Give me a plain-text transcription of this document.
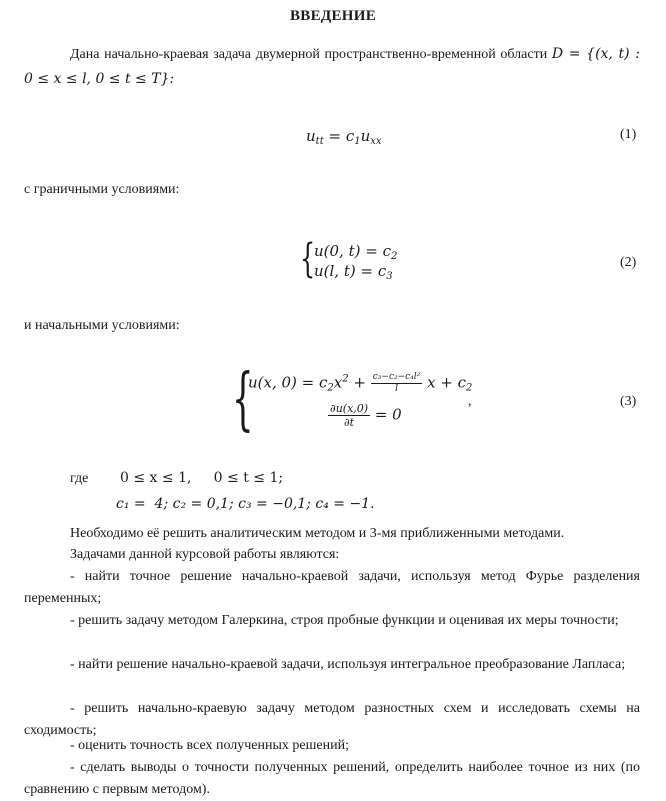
ВВЕДЕНИЕ
Дана начально-краевая задача двумерной пространственно-временной области D = {(x, t) : 0 ≤ x ≤ l, 0 ≤ t ≤ T}:
$u_{tt} = c_1u_{xx}$	(1)
с граничными условиями:
{
u(0, $t) = c_2$
u(l, $t) = c_3$
(2)
и начальными условиями:
{
u(x, $0) = c_2x^2 + \frac{\text{c₃−c₂−c₄l²}}{l}$ $x + c_2$
,
$\frac{\partial u(x,0)}{\partial t} = 0$
(3)
где 0 ≤ x ≤ 1,     0 ≤ t ≤ 1;
c₁ =  4; c₂ = 0,1; c₃ = −0,1; c₄ = −1.
Необходимо её решить аналитическим методом и 3-мя приближенными методами.
Задачами данной курсовой работы являются:
- найти точное решение начально-краевой задачи, используя метод Фурье разделения переменных;
- решить задачу методом Галеркина, строя пробные функции и оценивая их меры точности;
- найти решение начально-краевой задачи, используя интегральное преобразование Лапласа;
- решить начально-краевую задачу методом разностных схем и исследовать схемы на сходимость;
- оценить точность всех полученных решений;
- сделать выводы о точности полученных решений, определить наиболее точное из них (по сравнению с первым методом).
